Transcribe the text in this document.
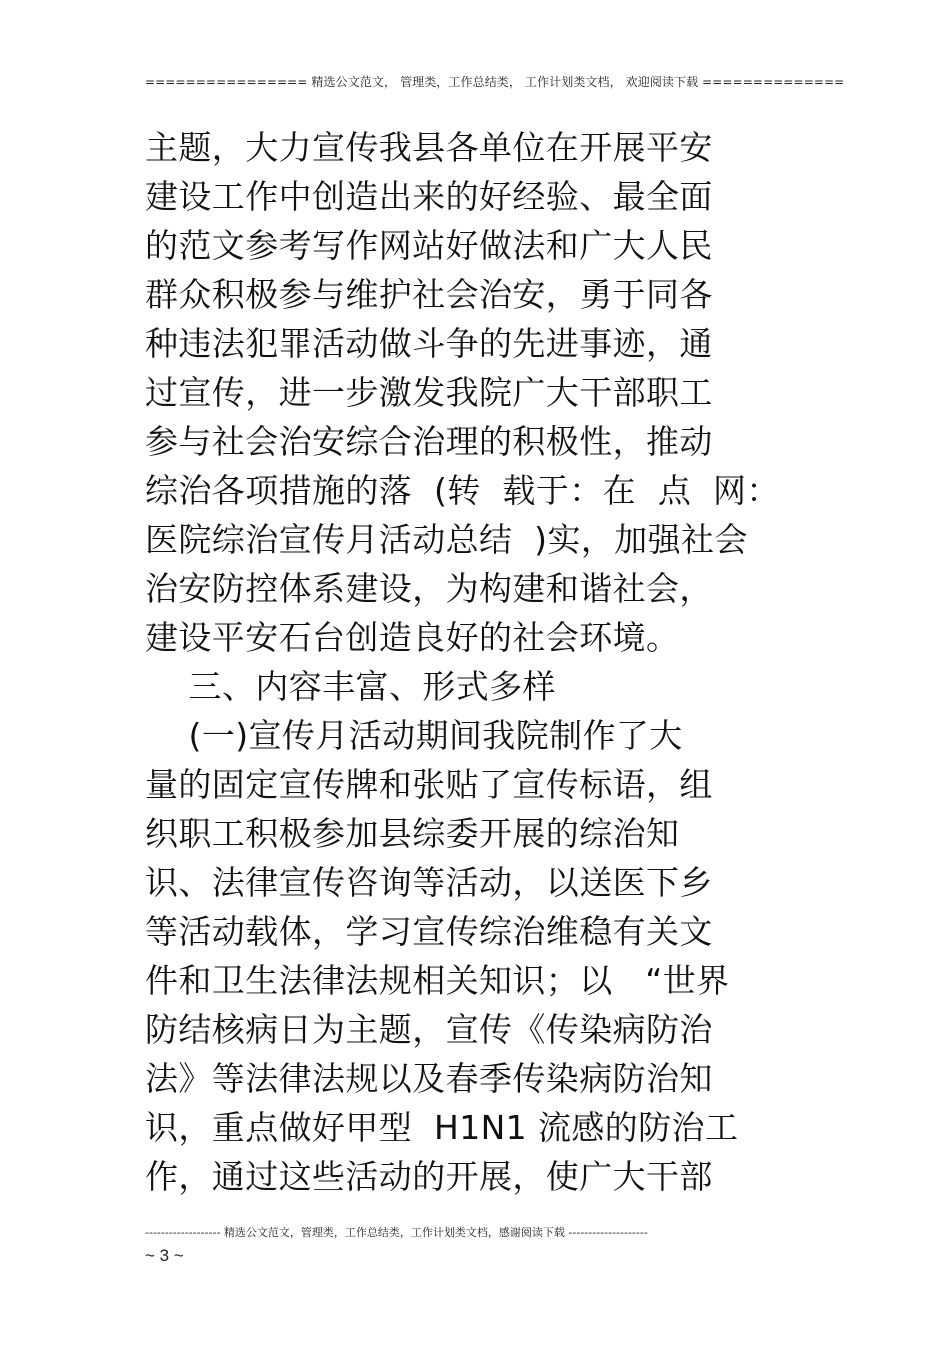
================ 精选公文范文， 管理类，工作总结类， 工作计划类文档， 欢迎阅读下载 ==============
主题，大力宣传我县各单位在开展平安
建设工作中创造出来的好经验、最全面
的范文参考写作网站好做法和广大人民
群众积极参与维护社会治安，勇于同各
种违法犯罪活动做斗争的先进事迹，通
过宣传，进一步激发我院广大干部职工
参与社会治安综合治理的积极性，推动
综治各项措施的落  (转  载于：在  点  网：
医院综治宣传月活动总结  )实，加强社会
治安防控体系建设，为构建和谐社会，
建设平安石台创造良好的社会环境。
三、内容丰富、形式多样
(一)宣传月活动期间我院制作了大
量的固定宣传牌和张贴了宣传标语，组
织职工积极参加县综委开展的综治知
识、法律宣传咨询等活动，以送医下乡
等活动载体，学习宣传综治维稳有关文
件和卫生法律法规相关知识；以   “世界
防结核病日为主题，宣传《传染病防治
法》等法律法规以及春季传染病防治知
识，重点做好甲型  H1N1 流感的防治工
作，通过这些活动的开展，使广大干部
------------------- 精选公文范文，管理类，工作总结类，工作计划类文档，感谢阅读下载 --------------------
~ 3 ~
